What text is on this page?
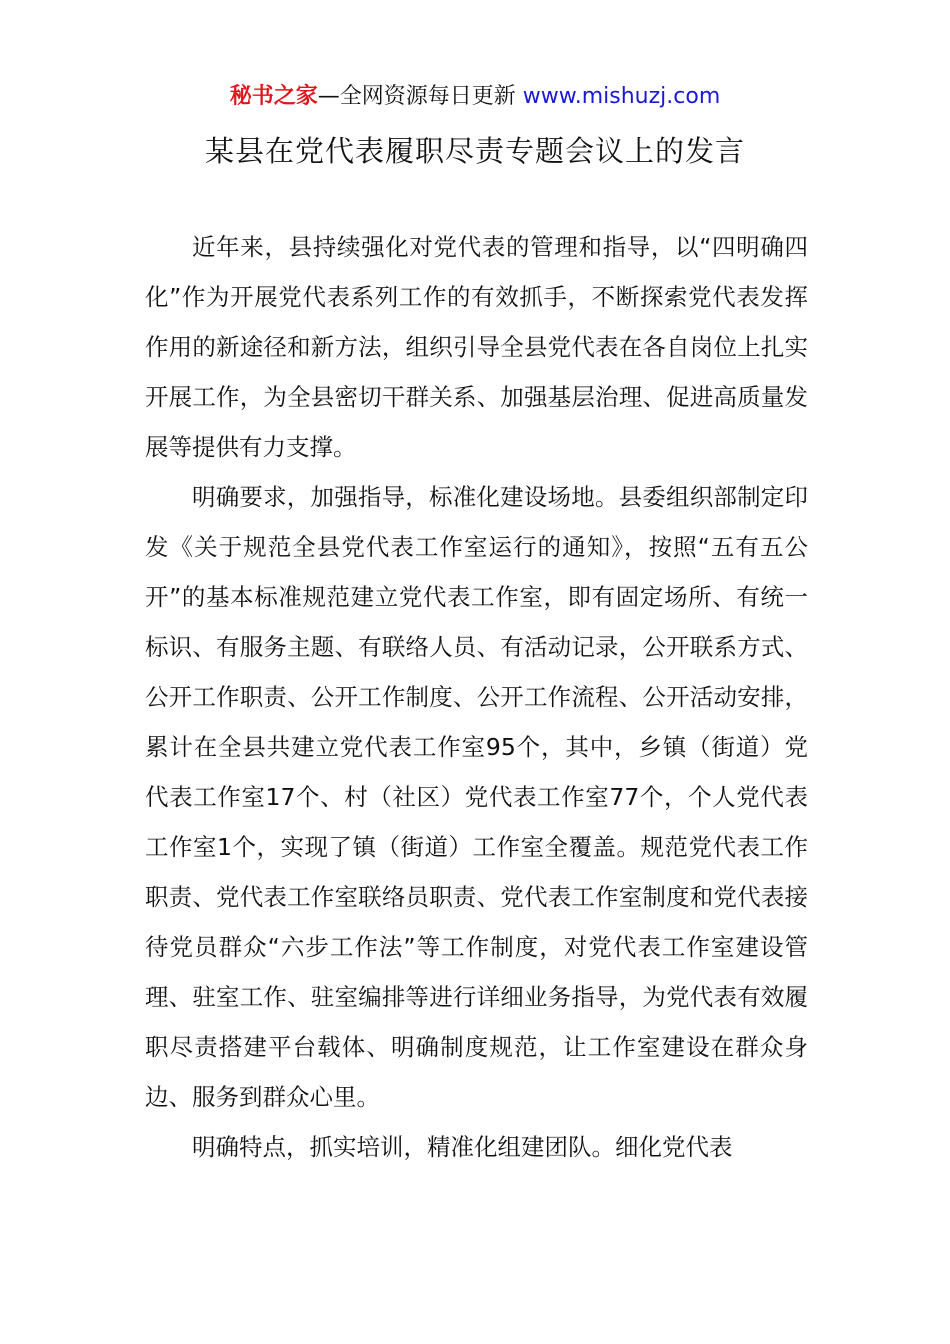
秘书之家—全网资源每日更新 www.mishuzj.com
某县在党代表履职尽责专题会议上的发言

近年来，县持续强化对党代表的管理和指导，以“四明确四化”作为开展党代表系列工作的有效抓手，不断探索党代表发挥作用的新途径和新方法，组织引导全县党代表在各自岗位上扎实开展工作，为全县密切干群关系、加强基层治理、促进高质量发展等提供有力支撑。

明确要求，加强指导，标准化建设场地。县委组织部制定印发《关于规范全县党代表工作室运行的通知》，按照“五有五公开”的基本标准规范建立党代表工作室，即有固定场所、有统一标识、有服务主题、有联络人员、有活动记录，公开联系方式、公开工作职责、公开工作制度、公开工作流程、公开活动安排，累计在全县共建立党代表工作室95个，其中，乡镇（街道）党代表工作室17个、村（社区）党代表工作室77个，个人党代表工作室1个，实现了镇（街道）工作室全覆盖。规范党代表工作职责、党代表工作室联络员职责、党代表工作室制度和党代表接待党员群众“六步工作法”等工作制度，对党代表工作室建设管理、驻室工作、驻室编排等进行详细业务指导，为党代表有效履职尽责搭建平台载体、明确制度规范，让工作室建设在群众身边、服务到群众心里。

明确特点，抓实培训，精准化组建团队。细化党代表
